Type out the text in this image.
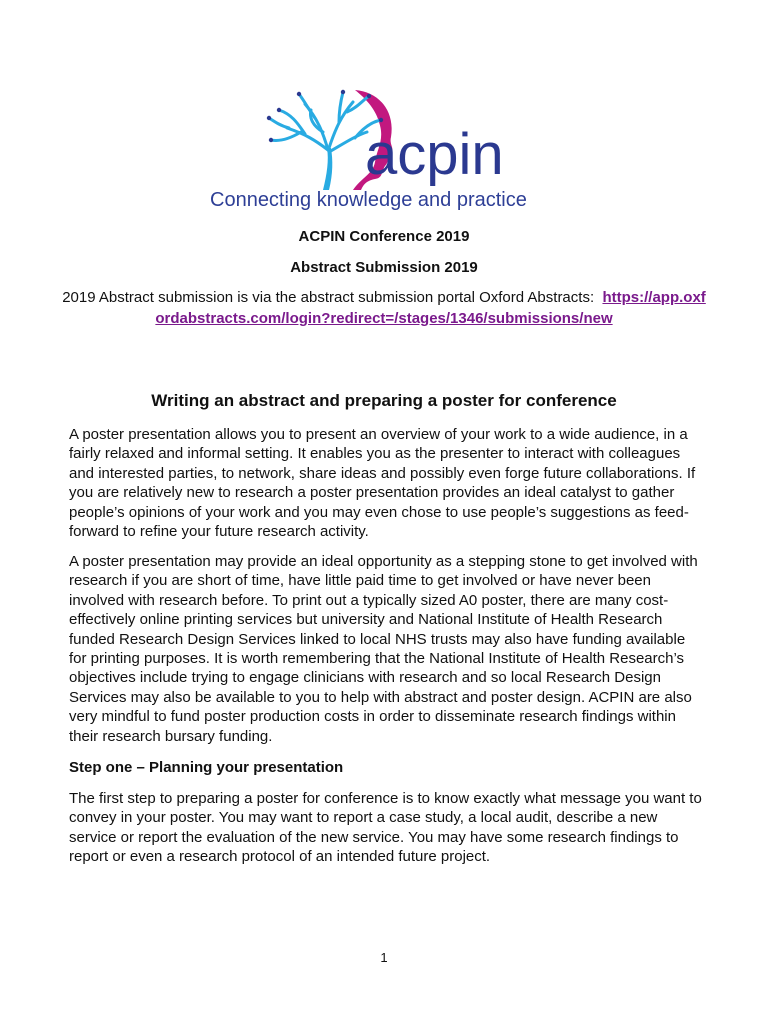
acpin
Connecting knowledge and practice
ACPIN Conference 2019
Abstract Submission 2019
2019 Abstract submission is via the abstract submission portal Oxford Abstracts: https://app.oxfordabstracts.com/login?redirect=/stages/1346/submissions/new
Writing an abstract and preparing a poster for conference

A poster presentation allows you to present an overview of your work to a wide audience, in a fairly relaxed and informal setting. It enables you as the presenter to interact with colleagues and interested parties, to network, share ideas and possibly even forge future collaborations. If you are relatively new to research a poster presentation provides an ideal catalyst to gather people’s opinions of your work and you may even chose to use people’s suggestions as feed-forward to refine your future research activity.

A poster presentation may provide an ideal opportunity as a stepping stone to get involved with research if you are short of time, have little paid time to get involved or have never been involved with research before. To print out a typically sized A0 poster, there are many cost-effectively online printing services but university and National Institute of Health Research funded Research Design Services linked to local NHS trusts may also have funding available for printing purposes. It is worth remembering that the National Institute of Health Research’s objectives include trying to engage clinicians with research and so local Research Design Services may also be available to you to help with abstract and poster design. ACPIN are also very mindful to fund poster production costs in order to disseminate research findings within their research bursary funding.

Step one – Planning your presentation

The first step to preparing a poster for conference is to know exactly what message you want to convey in your poster. You may want to report a case study, a local audit, describe a new service or report the evaluation of the new service. You may have some research findings to report or even a research protocol of an intended future project.

1
